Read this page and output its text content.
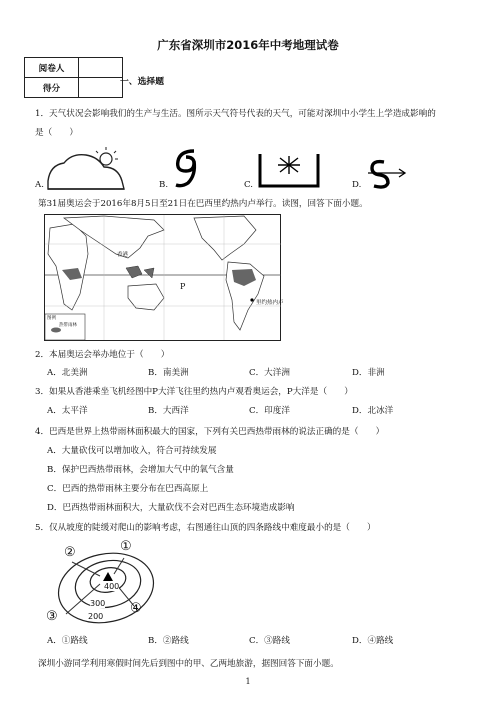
广东省深圳市2016年中考地理试卷
阅卷人	
得分	
一、选择题
1．天气状况会影响我们的生产与生活。图所示天气符号代表的天气，可能对深圳中小学生上学造成影响的
是（　　）
A.	B.	C.	D.
第31届奥运会于2016年8月5日至21日在巴西里约热内卢举行。读图，回答下面小题。
香港
P
里约热内卢
图例
热带雨林
2．本届奥运会举办地位于（　　）
A．北美洲	B．南美洲	C．大洋洲	D．非洲
3．如果从香港乘坐飞机经图中P大洋飞往里约热内卢观看奥运会，P大洋是（　　）
A．太平洋	B．大西洋	C．印度洋	D．北冰洋
4．巴西是世界上热带雨林面积最大的国家，下列有关巴西热带雨林的说法正确的是（　　）
A．大量砍伐可以增加收入，符合可持续发展
B．保护巴西热带雨林，会增加大气中的氧气含量
C．巴西的热带雨林主要分布在巴西高原上
D．巴西热带雨林面积大，大量砍伐不会对巴西生态环境造成影响
5．仅从坡度的陡缓对爬山的影响考虑，右图通往山顶的四条路线中难度最小的是（　　）
400
300
200
①
②
③
④
A．①路线	B．②路线	C．③路线	D．④路线
深圳小游同学利用寒假时间先后到图中的甲、乙两地旅游，据图回答下面小题。
1
